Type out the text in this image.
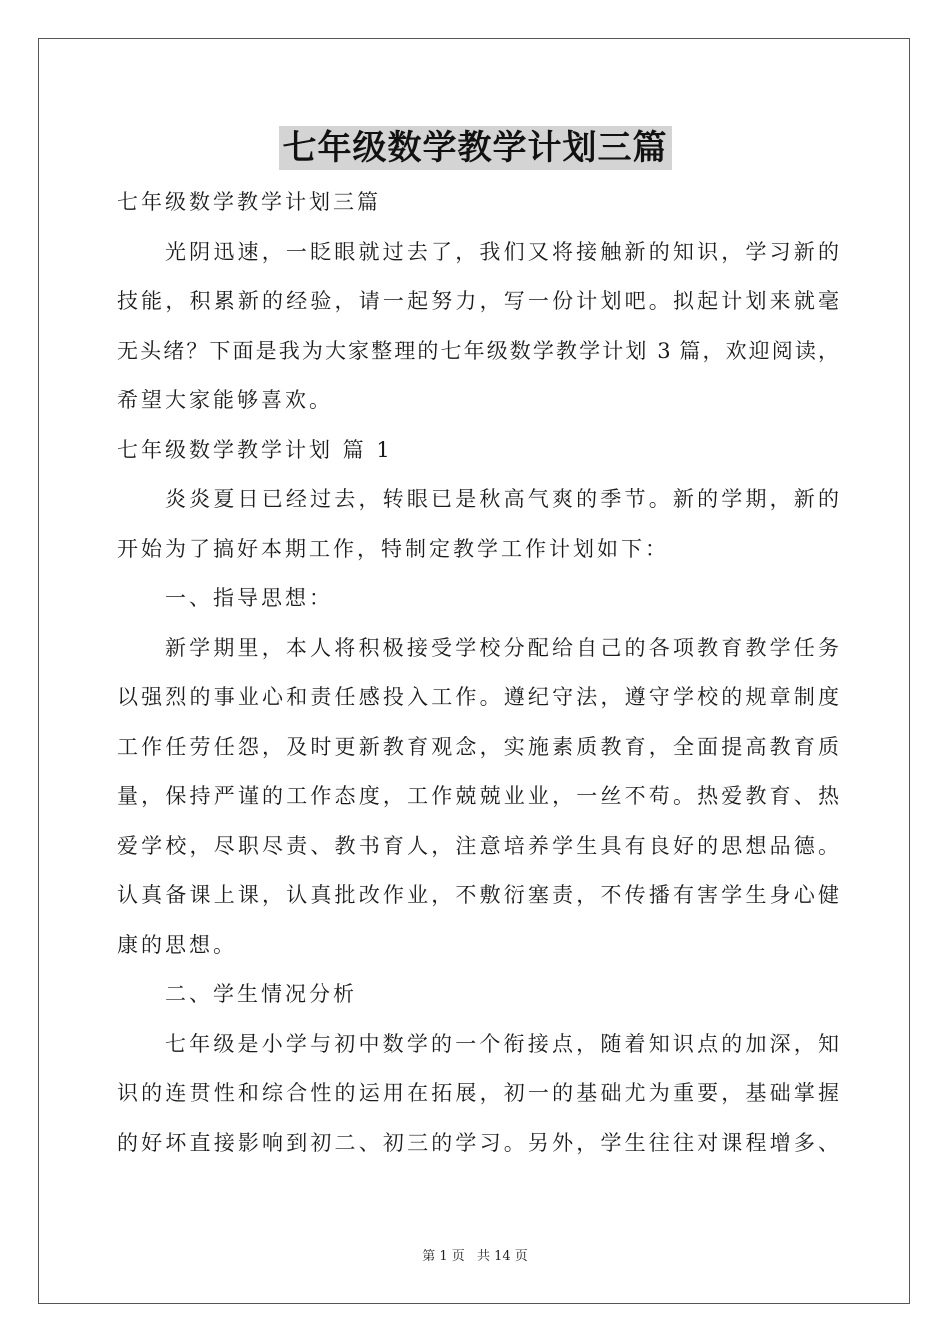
七年级数学教学计划三篇
七年级数学教学计划三篇
光阴迅速，一眨眼就过去了，我们又将接触新的知识，学习新的
技能，积累新的经验，请一起努力，写一份计划吧。拟起计划来就毫
无头绪？下面是我为大家整理的七年级数学教学计划 3 篇，欢迎阅读，
希望大家能够喜欢。
七年级数学教学计划 篇 1
炎炎夏日已经过去，转眼已是秋高气爽的季节。新的学期，新的
开始为了搞好本期工作，特制定教学工作计划如下：
一、指导思想：
新学期里，本人将积极接受学校分配给自己的各项教育教学任务
以强烈的事业心和责任感投入工作。遵纪守法，遵守学校的规章制度
工作任劳任怨，及时更新教育观念，实施素质教育，全面提高教育质
量，保持严谨的工作态度，工作兢兢业业，一丝不苟。热爱教育、热
爱学校，尽职尽责、教书育人，注意培养学生具有良好的思想品德。
认真备课上课，认真批改作业，不敷衍塞责，不传播有害学生身心健
康的思想。
二、学生情况分析
七年级是小学与初中数学的一个衔接点，随着知识点的加深，知
识的连贯性和综合性的运用在拓展，初一的基础尤为重要，基础掌握
的好坏直接影响到初二、初三的学习。另外，学生往往对课程增多、
第 1 页 共 14 页
